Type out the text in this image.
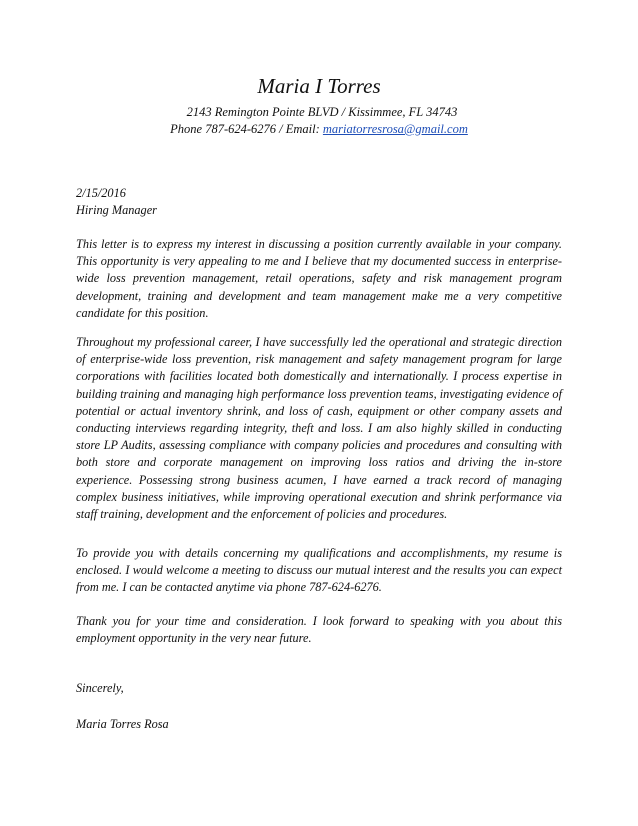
Maria I Torres
2143 Remington Pointe BLVD / Kissimmee, FL 34743
Phone 787-624-6276 / Email: mariatorresrosa@gmail.com
2/15/2016
Hiring Manager

This letter is to express my interest in discussing a position currently available in your company. This opportunity is very appealing to me and I believe that my documented success in enterprise-wide loss prevention management, retail operations, safety and risk management program development, training and development and team management make me a very competitive candidate for this position.

Throughout my professional career, I have successfully led the operational and strategic direction of enterprise-wide loss prevention, risk management and safety management program for large corporations with facilities located both domestically and internationally. I process expertise in building training and managing high performance loss prevention teams, investigating evidence of potential or actual inventory shrink, and loss of cash, equipment or other company assets and conducting interviews regarding integrity, theft and loss. I am also highly skilled in conducting store LP Audits, assessing compliance with company policies and procedures and consulting with both store and corporate management on improving loss ratios and driving the in-store experience. Possessing strong business acumen, I have earned a track record of managing complex business initiatives, while improving operational execution and shrink performance via staff training, development and the enforcement of policies and procedures.

To provide you with details concerning my qualifications and accomplishments, my resume is enclosed. I would welcome a meeting to discuss our mutual interest and the results you can expect from me. I can be contacted anytime via phone 787-624-6276.

Thank you for your time and consideration. I look forward to speaking with you about this employment opportunity in the very near future.

Sincerely,
Maria Torres Rosa
